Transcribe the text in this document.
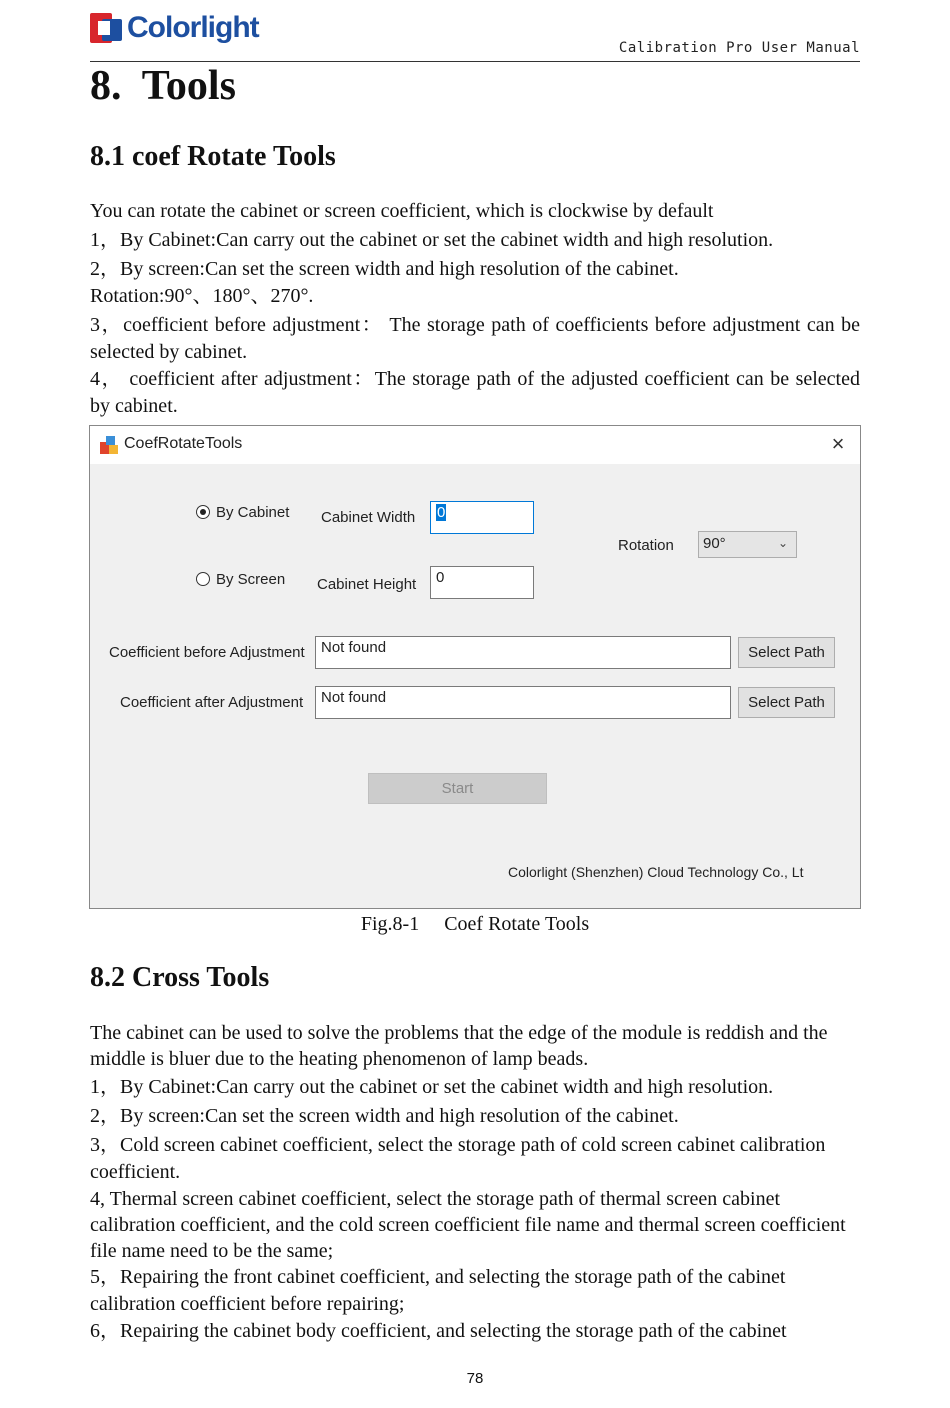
Colorlight
Calibration Pro User Manual
8.  Tools
8.1 coef Rotate Tools

You can rotate the cabinet or screen coefficient, which is clockwise by default

1，By Cabinet:Can carry out the cabinet or set the cabinet width and high resolution.

2，By screen:Can set the screen width and high resolution of the cabinet.

Rotation:90°、180°、270°.

3，coefficient before adjustment： The storage path of coefficients before adjustment can be selected by cabinet.

4， coefficient after adjustment：The storage path of the adjusted coefficient can be selected by cabinet.

CoefRotateTools	×
By Cabinet
By Screen
Cabinet Width	0
Cabinet Height	0
Rotation	90°	⌄
Coefficient before Adjustment	Not found	Select Path
Coefficient after Adjustment	Not found	Select Path
Start
Colorlight (Shenzhen) Cloud Technology Co., Lt
Fig.8-1     Coef Rotate Tools
8.2 Cross Tools

The cabinet can be used to solve the problems that the edge of the module is reddish and the middle is bluer due to the heating phenomenon of lamp beads.

1，By Cabinet:Can carry out the cabinet or set the cabinet width and high resolution.

2，By screen:Can set the screen width and high resolution of the cabinet.

3，Cold screen cabinet coefficient, select the storage path of cold screen cabinet calibration coefficient.

4, Thermal screen cabinet coefficient, select the storage path of thermal screen cabinet calibration coefficient, and the cold screen coefficient file name and thermal screen coefficient file name need to be the same;

5，Repairing the front cabinet coefficient, and selecting the storage path of the cabinet calibration coefficient before repairing;

6，Repairing the cabinet body coefficient, and selecting the storage path of the cabinet

78
